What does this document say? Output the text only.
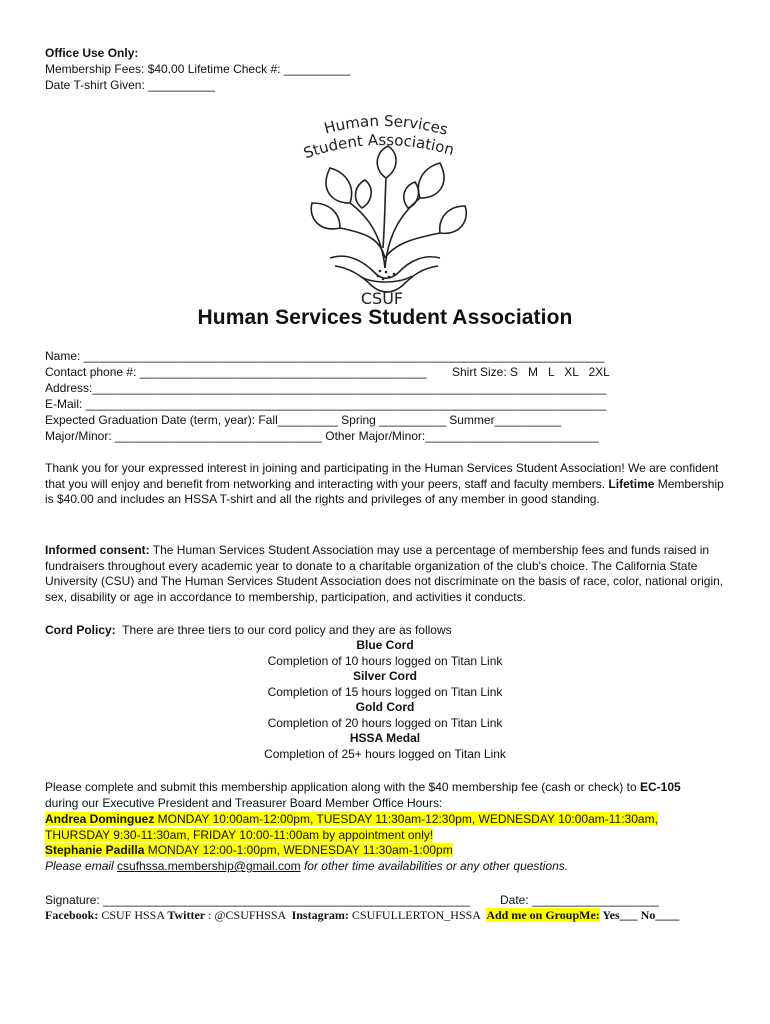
Office Use Only:
Membership Fees: $40.00 Lifetime Check #: __________
Date T-shirt Given: __________
Human Services
Student Association
CSUF
Human Services Student Association
Name: ______________________________________________________________________________
Contact phone #: ___________________________________________ Shirt Size: S   M   L   XL   2XL
Address:_____________________________________________________________________________
E-Mail: ______________________________________________________________________________
Expected Graduation Date (term, year): Fall_________ Spring __________ Summer__________
Major/Minor: _______________________________ Other Major/Minor:__________________________
Thank you for your expressed interest in joining and participating in the Human Services Student Association! We are confident that you will enjoy and benefit from networking and interacting with your peers, staff and faculty members. Lifetime Membership is $40.00 and includes an HSSA T-shirt and all the rights and privileges of any member in good standing.
Informed consent: The Human Services Student Association may use a percentage of membership fees and funds raised in fundraisers throughout every academic year to donate to a charitable organization of the club's choice. The California State University (CSU) and The Human Services Student Association does not discriminate on the basis of race, color, national origin, sex, disability or age in accordance to membership, participation, and activities it conducts.
Cord Policy:  There are three tiers to our cord policy and they are as follows
Blue Cord
Completion of 10 hours logged on Titan Link
Silver Cord
Completion of 15 hours logged on Titan Link
Gold Cord
Completion of 20 hours logged on Titan Link
HSSA Medal
Completion of 25+ hours logged on Titan Link
Please complete and submit this membership application along with the $40 membership fee (cash or check) to EC-105
during our Executive President and Treasurer Board Member Office Hours:
Andrea Dominguez MONDAY 10:00am-12:00pm, TUESDAY 11:30am-12:30pm, WEDNESDAY 10:00am-11:30am,
THURSDAY 9:30-11:30am, FRIDAY 10:00-11:00am by appointment only!
Stephanie Padilla MONDAY 12:00-1:00pm, WEDNESDAY 11:30am-1:00pm
Please email csufhssa.membership@gmail.com for other time availabilities or any other questions.
Signature: _______________________________________________________ Date: ___________________
Facebook: CSUF HSSA Twitter : @CSUFHSSA  Instagram: CSUFULLERTON_HSSA  Add me on GroupMe: Yes___ No____
